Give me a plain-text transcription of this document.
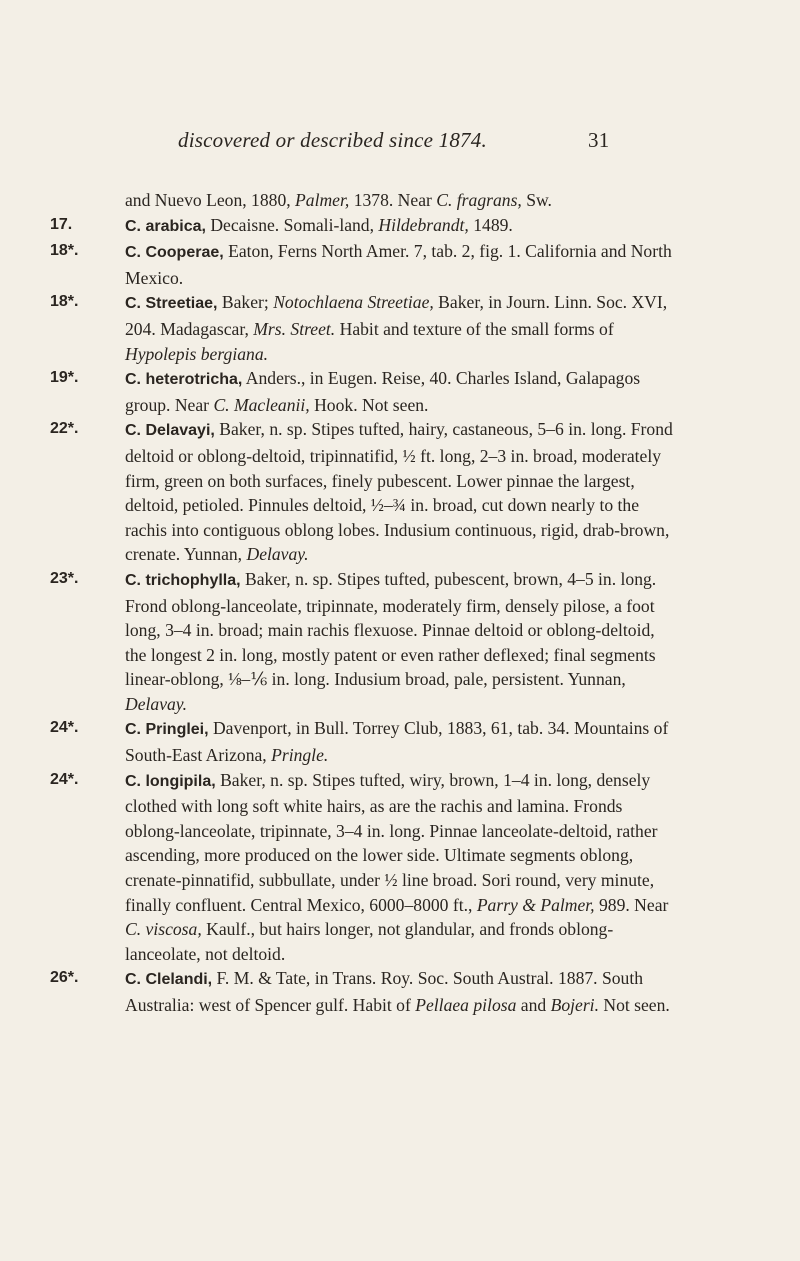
discovered or described since 1874.	31
and Nuevo Leon, 1880, Palmer, 1378. Near C. fragrans, Sw.
17.	C. arabica, Decaisne. Somali-land, Hildebrandt, 1489.
18*.	C. Cooperae, Eaton, Ferns North Amer. 7, tab. 2, fig. 1. California and North Mexico.
18*.	C. Streetiae, Baker; Notochlaena Streetiae, Baker, in Journ. Linn. Soc. XVI, 204. Madagascar, Mrs. Street. Habit and texture of the small forms of Hypolepis bergiana.
19*.	C. heterotricha, Anders., in Eugen. Reise, 40. Charles Island, Galapagos group. Near C. Macleanii, Hook. Not seen.
22*.	C. Delavayi, Baker, n. sp. Stipes tufted, hairy, castaneous, 5–6 in. long. Frond deltoid or oblong-deltoid, tripinnatifid, ½ ft. long, 2–3 in. broad, moderately firm, green on both surfaces, finely pubescent. Lower pinnae the largest, deltoid, petioled. Pinnules deltoid, ½–¾ in. broad, cut down nearly to the rachis into contiguous oblong lobes. Indusium continuous, rigid, drab-brown, crenate. Yunnan, Delavay.
23*.	C. trichophylla, Baker, n. sp. Stipes tufted, pubescent, brown, 4–5 in. long. Frond oblong-lanceolate, tripinnate, moderately firm, densely pilose, a foot long, 3–4 in. broad; main rachis flexuose. Pinnae deltoid or oblong-deltoid, the longest 2 in. long, mostly patent or even rather deflexed; final segments linear-oblong, ⅛–⅙ in. long. Indusium broad, pale, persistent. Yunnan, Delavay.
24*.	C. Pringlei, Davenport, in Bull. Torrey Club, 1883, 61, tab. 34. Mountains of South-East Arizona, Pringle.
24*.	C. longipila, Baker, n. sp. Stipes tufted, wiry, brown, 1–4 in. long, densely clothed with long soft white hairs, as are the rachis and lamina. Fronds oblong-lanceolate, tripinnate, 3–4 in. long. Pinnae lanceolate-deltoid, rather ascending, more produced on the lower side. Ultimate segments oblong, crenate-pinnatifid, subbullate, under ½ line broad. Sori round, very minute, finally confluent. Central Mexico, 6000–8000 ft., Parry & Palmer, 989. Near C. viscosa, Kaulf., but hairs longer, not glandular, and fronds oblong-lanceolate, not deltoid.
26*.	C. Clelandi, F. M. & Tate, in Trans. Roy. Soc. South Austral. 1887. South Australia: west of Spencer gulf. Habit of Pellaea pilosa and Bojeri. Not seen.
